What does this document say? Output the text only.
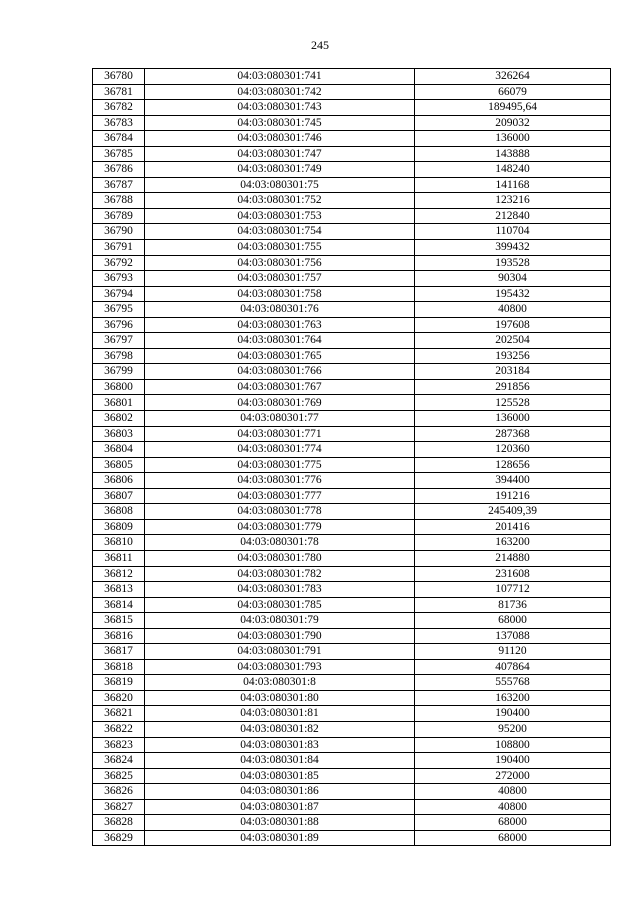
245
36780	04:03:080301:741	326264
36781	04:03:080301:742	66079
36782	04:03:080301:743	189495,64
36783	04:03:080301:745	209032
36784	04:03:080301:746	136000
36785	04:03:080301:747	143888
36786	04:03:080301:749	148240
36787	04:03:080301:75	141168
36788	04:03:080301:752	123216
36789	04:03:080301:753	212840
36790	04:03:080301:754	110704
36791	04:03:080301:755	399432
36792	04:03:080301:756	193528
36793	04:03:080301:757	90304
36794	04:03:080301:758	195432
36795	04:03:080301:76	40800
36796	04:03:080301:763	197608
36797	04:03:080301:764	202504
36798	04:03:080301:765	193256
36799	04:03:080301:766	203184
36800	04:03:080301:767	291856
36801	04:03:080301:769	125528
36802	04:03:080301:77	136000
36803	04:03:080301:771	287368
36804	04:03:080301:774	120360
36805	04:03:080301:775	128656
36806	04:03:080301:776	394400
36807	04:03:080301:777	191216
36808	04:03:080301:778	245409,39
36809	04:03:080301:779	201416
36810	04:03:080301:78	163200
36811	04:03:080301:780	214880
36812	04:03:080301:782	231608
36813	04:03:080301:783	107712
36814	04:03:080301:785	81736
36815	04:03:080301:79	68000
36816	04:03:080301:790	137088
36817	04:03:080301:791	91120
36818	04:03:080301:793	407864
36819	04:03:080301:8	555768
36820	04:03:080301:80	163200
36821	04:03:080301:81	190400
36822	04:03:080301:82	95200
36823	04:03:080301:83	108800
36824	04:03:080301:84	190400
36825	04:03:080301:85	272000
36826	04:03:080301:86	40800
36827	04:03:080301:87	40800
36828	04:03:080301:88	68000
36829	04:03:080301:89	68000
